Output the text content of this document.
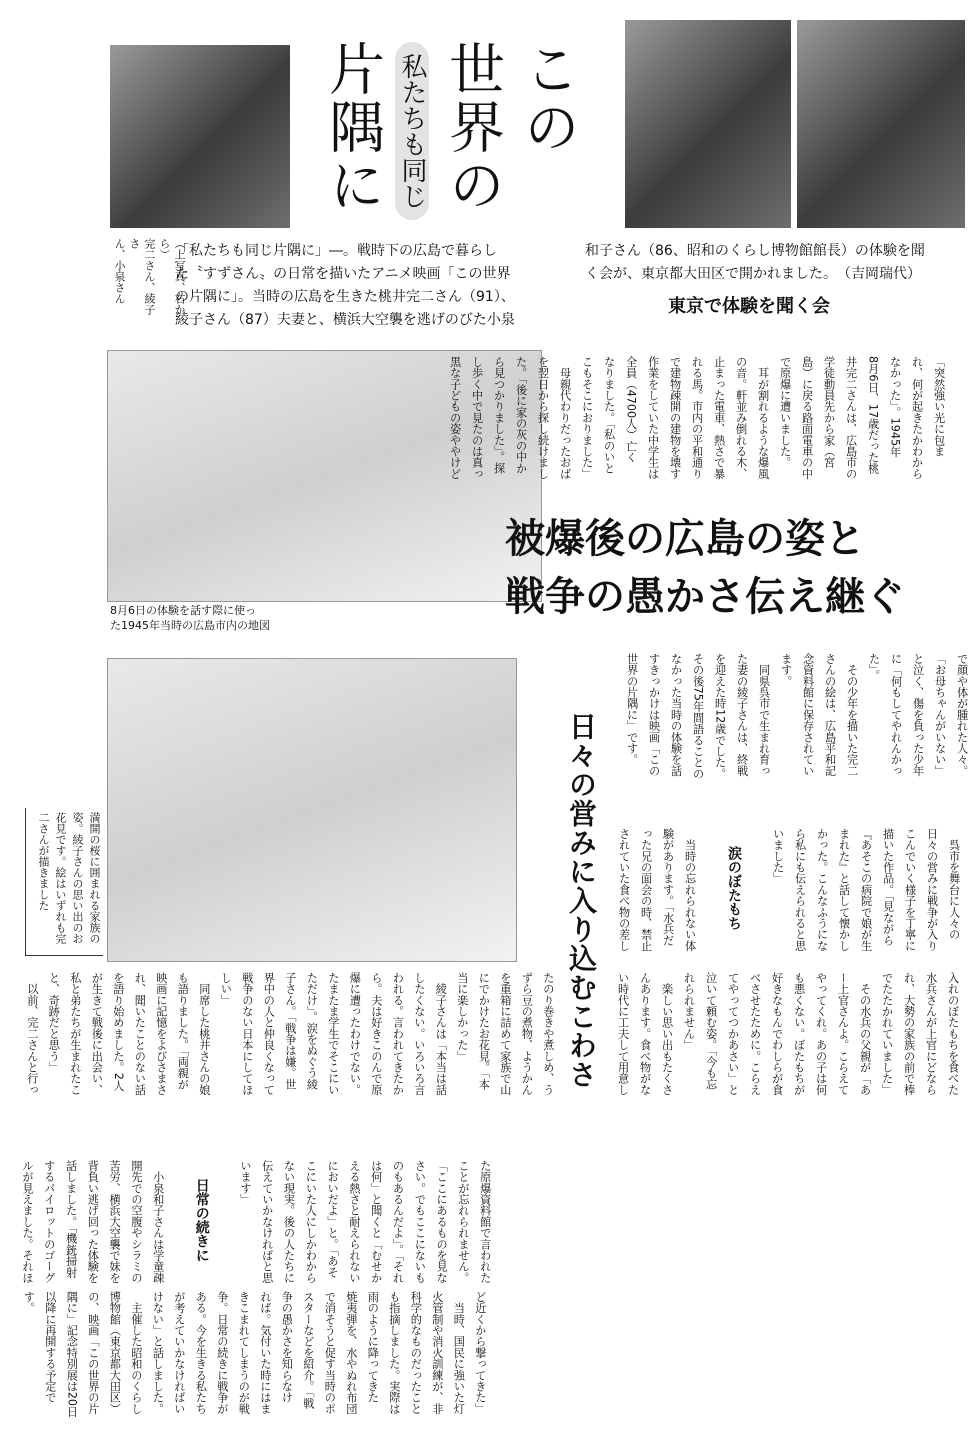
この
世界の
片隅に 私たちも同じ
（上写真、右から）
完二さん、綾子さ
ん、小泉さん	「私たちも同じ片隅に」―。戦時下の広島で暮らし
た〝すずさん〟の日常を描いたアニメ映画「この世界
の片隅に」。当時の広島を生きた桃井完二さん（91）、
綾子さん（87）夫妻と、横浜大空襲を逃げのびた小泉
和子さん（86、昭和のくらし博物館館長）の体験を聞
く会が、東京都大田区で開かれました。　（吉岡瑞代）
東京で体験を聞く会
8月6日の体験を話す際に使っ
た1945年当時の広島市内の地図
被爆後の広島の姿と
戦争の愚かさ伝え継ぐ
日々の営みに入り込むこわさ
満開の桜に囲まれる家族の
姿。綾子さんの思い出のお
花見です。絵はいずれも完
二さんが描きました
「突然強い光に包ま
れ、何が起きたかわから
なかった」。1945年
8月6日、17歳だった桃
井完二さんは、広島市の
学徒動員先から家（宮
島）に戻る路面電車の中
で原爆に遭いました。
　耳が割れるような爆風
の音。軒並み倒れる木、
止まった電車、熱さで暴
れる馬。市内の平和通り
で建物疎開の建物を壊す
作業をしていた中学生は
全員（4700人）亡く
なりました。「私のいと
こもそこにおりました」
　母親代わりだったおば
を翌日から探し続けまし
た。「後に家の灰の中か
ら見つかりました」。探
し歩く中で見たのは真っ
黒な子どもの姿ややけど
で顔や体が腫れた人々。
「お母ちゃんがいない」
と泣く、傷を負った少年
に「何もしてやれんかっ
た」。
　その少年を描いた完二
さんの絵は、広島平和記
念資料館に保存されてい
ます。
　同県呉市で生まれ育っ
た妻の綾子さんは、終戦
を迎えた時12歳でした。
その後75年間語ることの
なかった当時の体験を話
すきっかけは映画「この
世界の片隅に」です。
　呉市を舞台に人々の
日々の営みに戦争が入り
こんでいく様子を丁寧に
描いた作品。「見ながら
『あそこの病院で娘が生
まれた』と話して懐かし
かった。こんなふうにな
ら私にも伝えられると思
いました」
涙のぼたもち
　当時の忘れられない体
験があります。「水兵だ
った兄の面会の時、禁止
されていた食べ物の差し
入れのぼたもちを食べた
水兵さんが上官にどなら
れ、大勢の家族の前で棒
でたたかれていました」
　その水兵の父親が「あ
ー上官さんよ。こらえて
やってくれ。あの子は何
も悪くない。ぼたもちが
好きなもんでわしらが食
べさせたために。こらえ
てやってつかあさい」と
泣いて頼む姿。「今も忘
れられません」
　楽しい思い出もたくさ
んあります。食べ物がな
い時代に工夫して用意し
たのり巻きや煮しめ、う
ずら豆の煮物、ようかん
を重箱に詰めて家族で山
にでかけたお花見。「本
当に楽しかった」
　綾子さんは「本当は話
したくない。いろいろ言
われる。言われてきたか
ら。夫は好きこのんで原
爆に遭ったわけでない。
たまたま学生でそこにい
ただけ」。涙をぬぐう綾
子さん。「戦争は嫌。世
界中の人と仲良くなって
戦争のない日本にしてほ
しい」
　同席した桃井さんの娘
も語りました。「両親が
映画に記憶をよびさまさ
れ、聞いたことのない話
を語り始めました。2人
が生きて戦後に出会い、
私と弟たちが生まれたこ
と、奇跡だと思う」
　以前、完二さんと行っ
た原爆資料館で言われた
ことが忘れられません。
「ここにあるものを見な
さい。でもここにないも
のもあるんだよ」。「それ
は何」と聞くと「むせか
える熱さと耐えられない
においだよ」と。「あそ
こにいた人にしかわから
ない現実。後の人たちに
伝えていかなければと思
います」
日常の続きに
　小泉和子さんは学童疎
開先での空腹やシラミの
苦労、横浜大空襲で妹を
背負い逃げ回った体験を
話しました。「機銃掃射
するパイロットのゴーグ
ルが見えました。それほ
ど近くから撃ってきた」
　当時、国民に強いた灯
火管制や消火訓練が、非
科学的なものだったこと
も指摘しました。実際は
雨のように降ってきた
焼夷弾を、水やぬれ布団
で消そうと促す当時のポ
スターなどを紹介。「戦
争の愚かさを知らなけ
れば。気付いた時にはま
きこまれてしまうのが戦
争。日常の続きに戦争が
ある。今を生きる私たち
が考えていかなければい
けない」と話しました。
　主催した昭和のくらし
博物館（東京都大田区）
の、映画「この世界の片
隅に」記念特別展は20日
以降に再開する予定で
す。
